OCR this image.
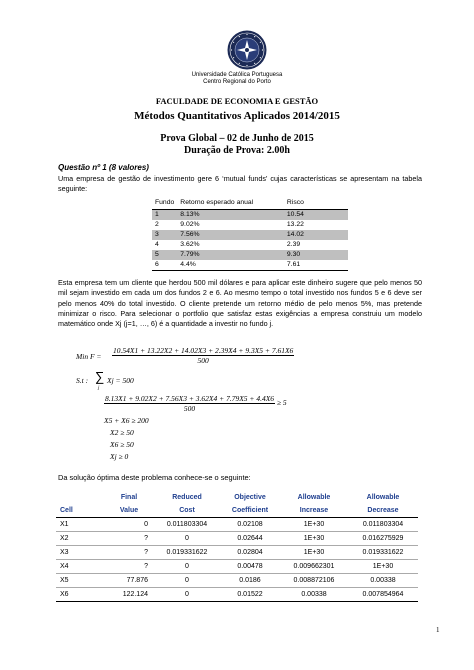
Universidade Católica Portuguesa
Centro Regional do Porto
FACULDADE DE ECONOMIA E GESTÃO
Métodos Quantitativos Aplicados 2014/2015
Prova Global – 02 de Junho de 2015
Duração de Prova: 2.00h
Questão nº 1 (8 valores)
Uma empresa de gestão de investimento gere 6 ‘mutual funds’ cujas características se apresentam na tabela seguinte:
Fundo	Retorno esperado anual	Risco
1	8.13%	10.54
2	9.02%	13.22
3	7.56%	14.02
4	3.62%	2.39
5	7.79%	9.30
6	4.4%	7.61
Esta empresa tem um cliente que herdou 500 mil dólares e para aplicar este dinheiro sugere que pelo menos 50 mil sejam investido em cada um dos fundos 2 e 6. Ao mesmo tempo o total investido nos fundos 5 e 6 deve ser pelo menos 40% do total investido. O cliente pretende um retorno médio de pelo menos 5%, mas pretende minimizar o risco. Para selecionar o portfolio que satisfaz estas exigências a empresa construiu um modelo matemático onde Xj (j=1, …, 6) é a quantidade a investir no fundo j.
Min $F = \frac{10.54X1 + 13.22X2 + 14.02X3 + 2.39X4 + 9.3X5 + 7.61X6}{500}$
S.t : ∑
j
Xj = 500
$\frac{8.13X1 + 9.02X2 + 7.56X3 + 3.62X4 + 7.79X5 + 4.4X6}{500} \ge 5$
X5 + X6 ≥ 200
X2 ≥ 50
X6 ≥ 50
Xj ≥ 0
Da solução óptima deste problema conhece-se o seguinte:
	Final	Reduced	Objective	Allowable	Allowable
Cell	Value	Cost	Coefficient	Increase	Decrease
X1	0	0.011803304	0.02108	1E+30	0.011803304
X2	?	0	0.02644	1E+30	0.016275929
X3	?	0.019331622	0.02804	1E+30	0.019331622
X4	?	0	0.00478	0.009662301	1E+30
X5	77.876	0	0.0186	0.008872106	0.00338
X6	122.124	0	0.01522	0.00338	0.007854964
1
